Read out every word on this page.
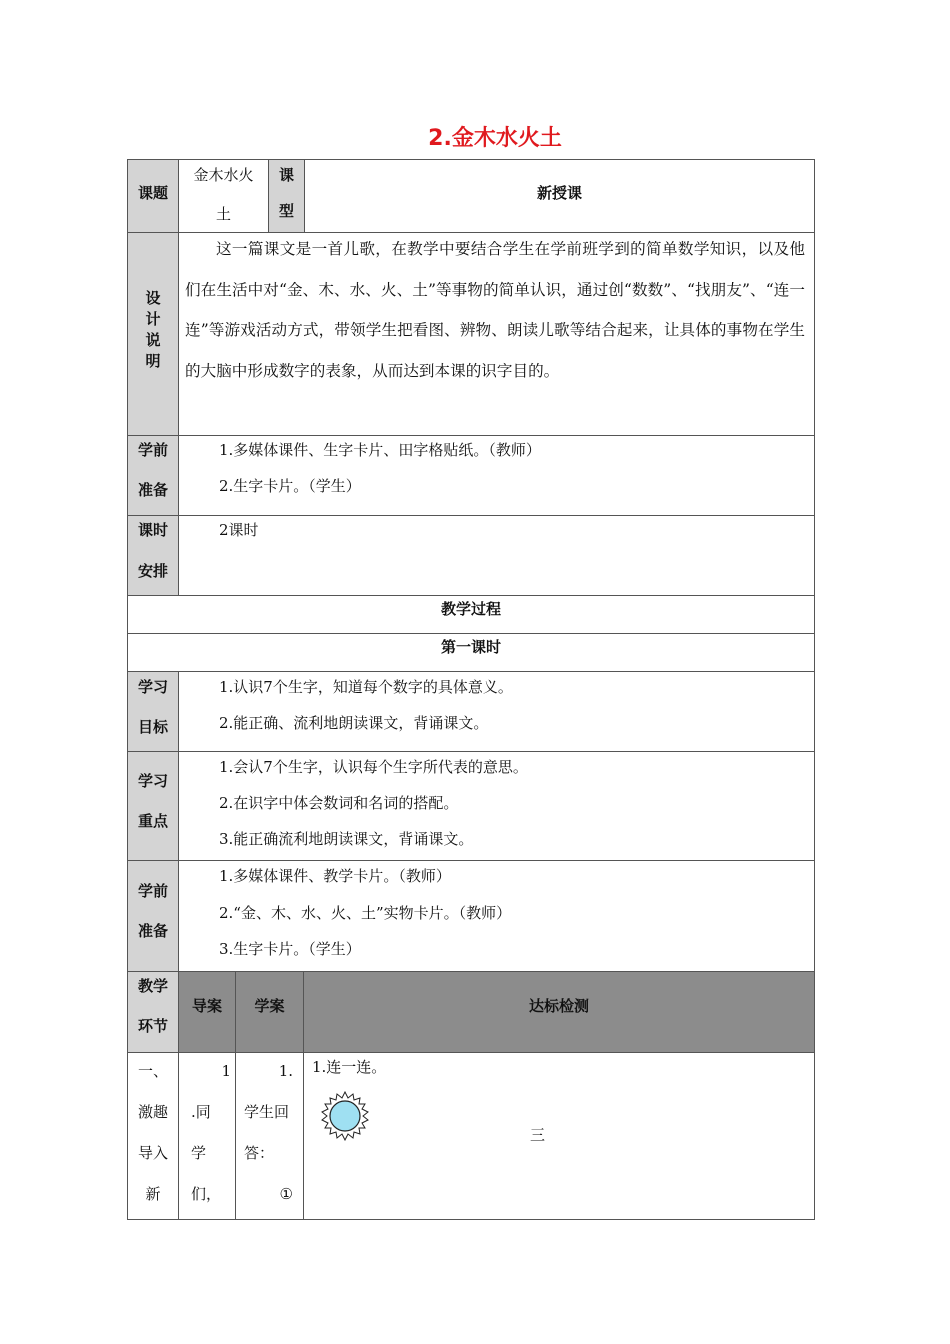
2.金木水火土
课题
金木水火
土
课
型
新授课
设
计
说
明
这一篇课文是一首儿歌，在教学中要结合学生在学前班学到的简单数学知识，以及他们在生活中对“金、木、水、火、土”等事物的简单认识，通过创“数数”、“找朋友”、“连一连”等游戏活动方式，带领学生把看图、辨物、朗读儿歌等结合起来，让具体的事物在学生的大脑中形成数字的表象，从而达到本课的识字目的。
学前
准备
1.多媒体课件、生字卡片、田字格贴纸。（教师）
2.生字卡片。（学生）
课时
安排
2课时
教学过程
第一课时
学习
目标
1.认识7个生字，知道每个数字的具体意义。
2.能正确、流利地朗读课文，背诵课文。
学习
重点
1.会认7个生字，认识每个生字所代表的意思。
2.在识字中体会数词和名词的搭配。
3.能正确流利地朗读课文，背诵课文。
学前
准备
1.多媒体课件、教学卡片。（教师）
2.“金、木、水、火、土”实物卡片。（教师）
3.生字卡片。（学生）
教学
环节
导案	学案	达标检测
一、
激趣
导入
新
1
.同
学
们，
1.
学生回
答：
①
1.连一连。
三
